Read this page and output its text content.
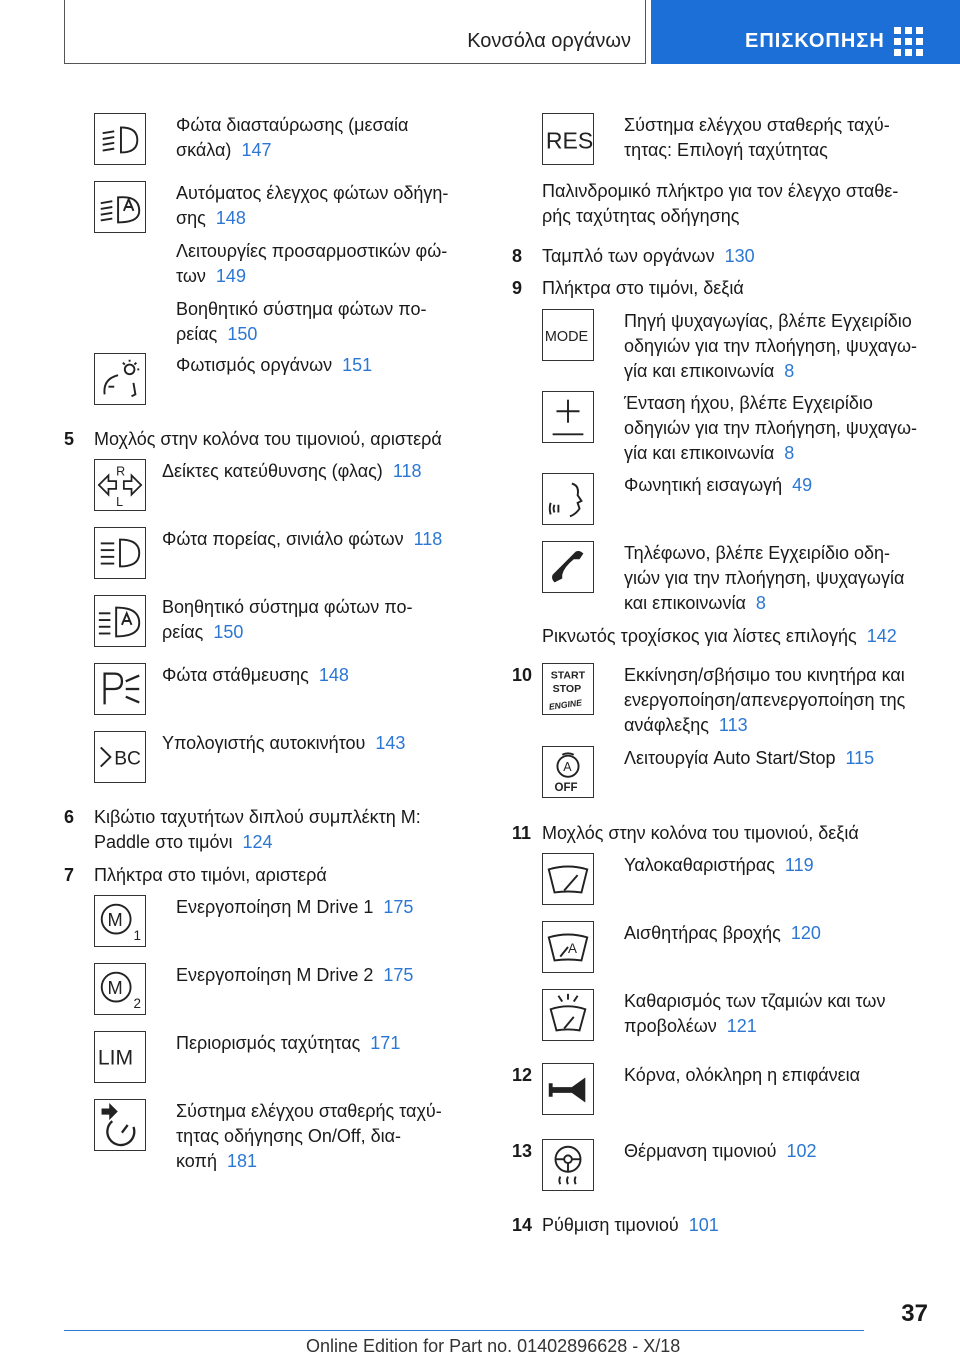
Κονσόλα οργάνων	ΕΠΙΣΚΟΠΗΣΗ
Φώτα διασταύρωσης (μεσαία
σκάλα) 147
Αυτόματος έλεγχος φώτων οδήγη-
σης 148
Λειτουργίες προσαρμοστικών φώ-
των 149
Βοηθητικό σύστημα φώτων πο-
ρείας 150
Φωτισμός οργάνων 151
5 Μοχλός στην κολόνα του τιμονιού, αριστερά
R
L
Δείκτες κατεύθυνσης (φλας) 118
Φώτα πορείας, σινιάλο φώτων 118
Βοηθητικό σύστημα φώτων πο-
ρείας 150
Φώτα στάθμευσης 148
BC
Υπολογιστής αυτοκινήτου 143
6 Κιβώτιο ταχυτήτων διπλού συμπλέκτη M:
Paddle στο τιμόνι 124
7 Πλήκτρα στο τιμόνι, αριστερά
M
1
Ενεργοποίηση M Drive 1 175
M
2
Ενεργοποίηση M Drive 2 175
LIM
Περιορισμός ταχύτητας 171
Σύστημα ελέγχου σταθερής ταχύ-
τητας οδήγησης On/Off, δια-
κοπή 181
RES
Σύστημα ελέγχου σταθερής ταχύ-
τητας: Επιλογή ταχύτητας
Παλινδρομικό πλήκτρο για τον έλεγχο σταθε-
ρής ταχύτητας οδήγησης
8 Ταμπλό των οργάνων 130
9 Πλήκτρα στο τιμόνι, δεξιά
MODE
Πηγή ψυχαγωγίας, βλέπε Εγχειρίδιο
οδηγιών για την πλοήγηση, ψυχαγω-
γία και επικοινωνία 8
Ένταση ήχου, βλέπε Εγχειρίδιο
οδηγιών για την πλοήγηση, ψυχαγω-
γία και επικοινωνία 8
Φωνητική εισαγωγή 49
Τηλέφωνο, βλέπε Εγχειρίδιο οδη-
γιών για την πλοήγηση, ψυχαγωγία
και επικοινωνία 8
Ρικνωτός τροχίσκος για λίστες επιλογής 142
10 START
STOP
ENGINE
Εκκίνηση/σβήσιμο του κινητήρα και
ενεργοποίηση/απενεργοποίηση της
ανάφλεξης 113
A
OFF
Λειτουργία Auto Start/Stop 115
11 Μοχλός στην κολόνα του τιμονιού, δεξιά
Υαλοκαθαριστήρας 119
A
Αισθητήρας βροχής 120
Καθαρισμός των τζαμιών και των
προβολέων 121
12	Κόρνα, ολόκληρη η επιφάνεια
13	Θέρμανση τιμονιού 102
14 Ρύθμιση τιμονιού 101
37
Online Edition for Part no. 01402896628 - X/18
